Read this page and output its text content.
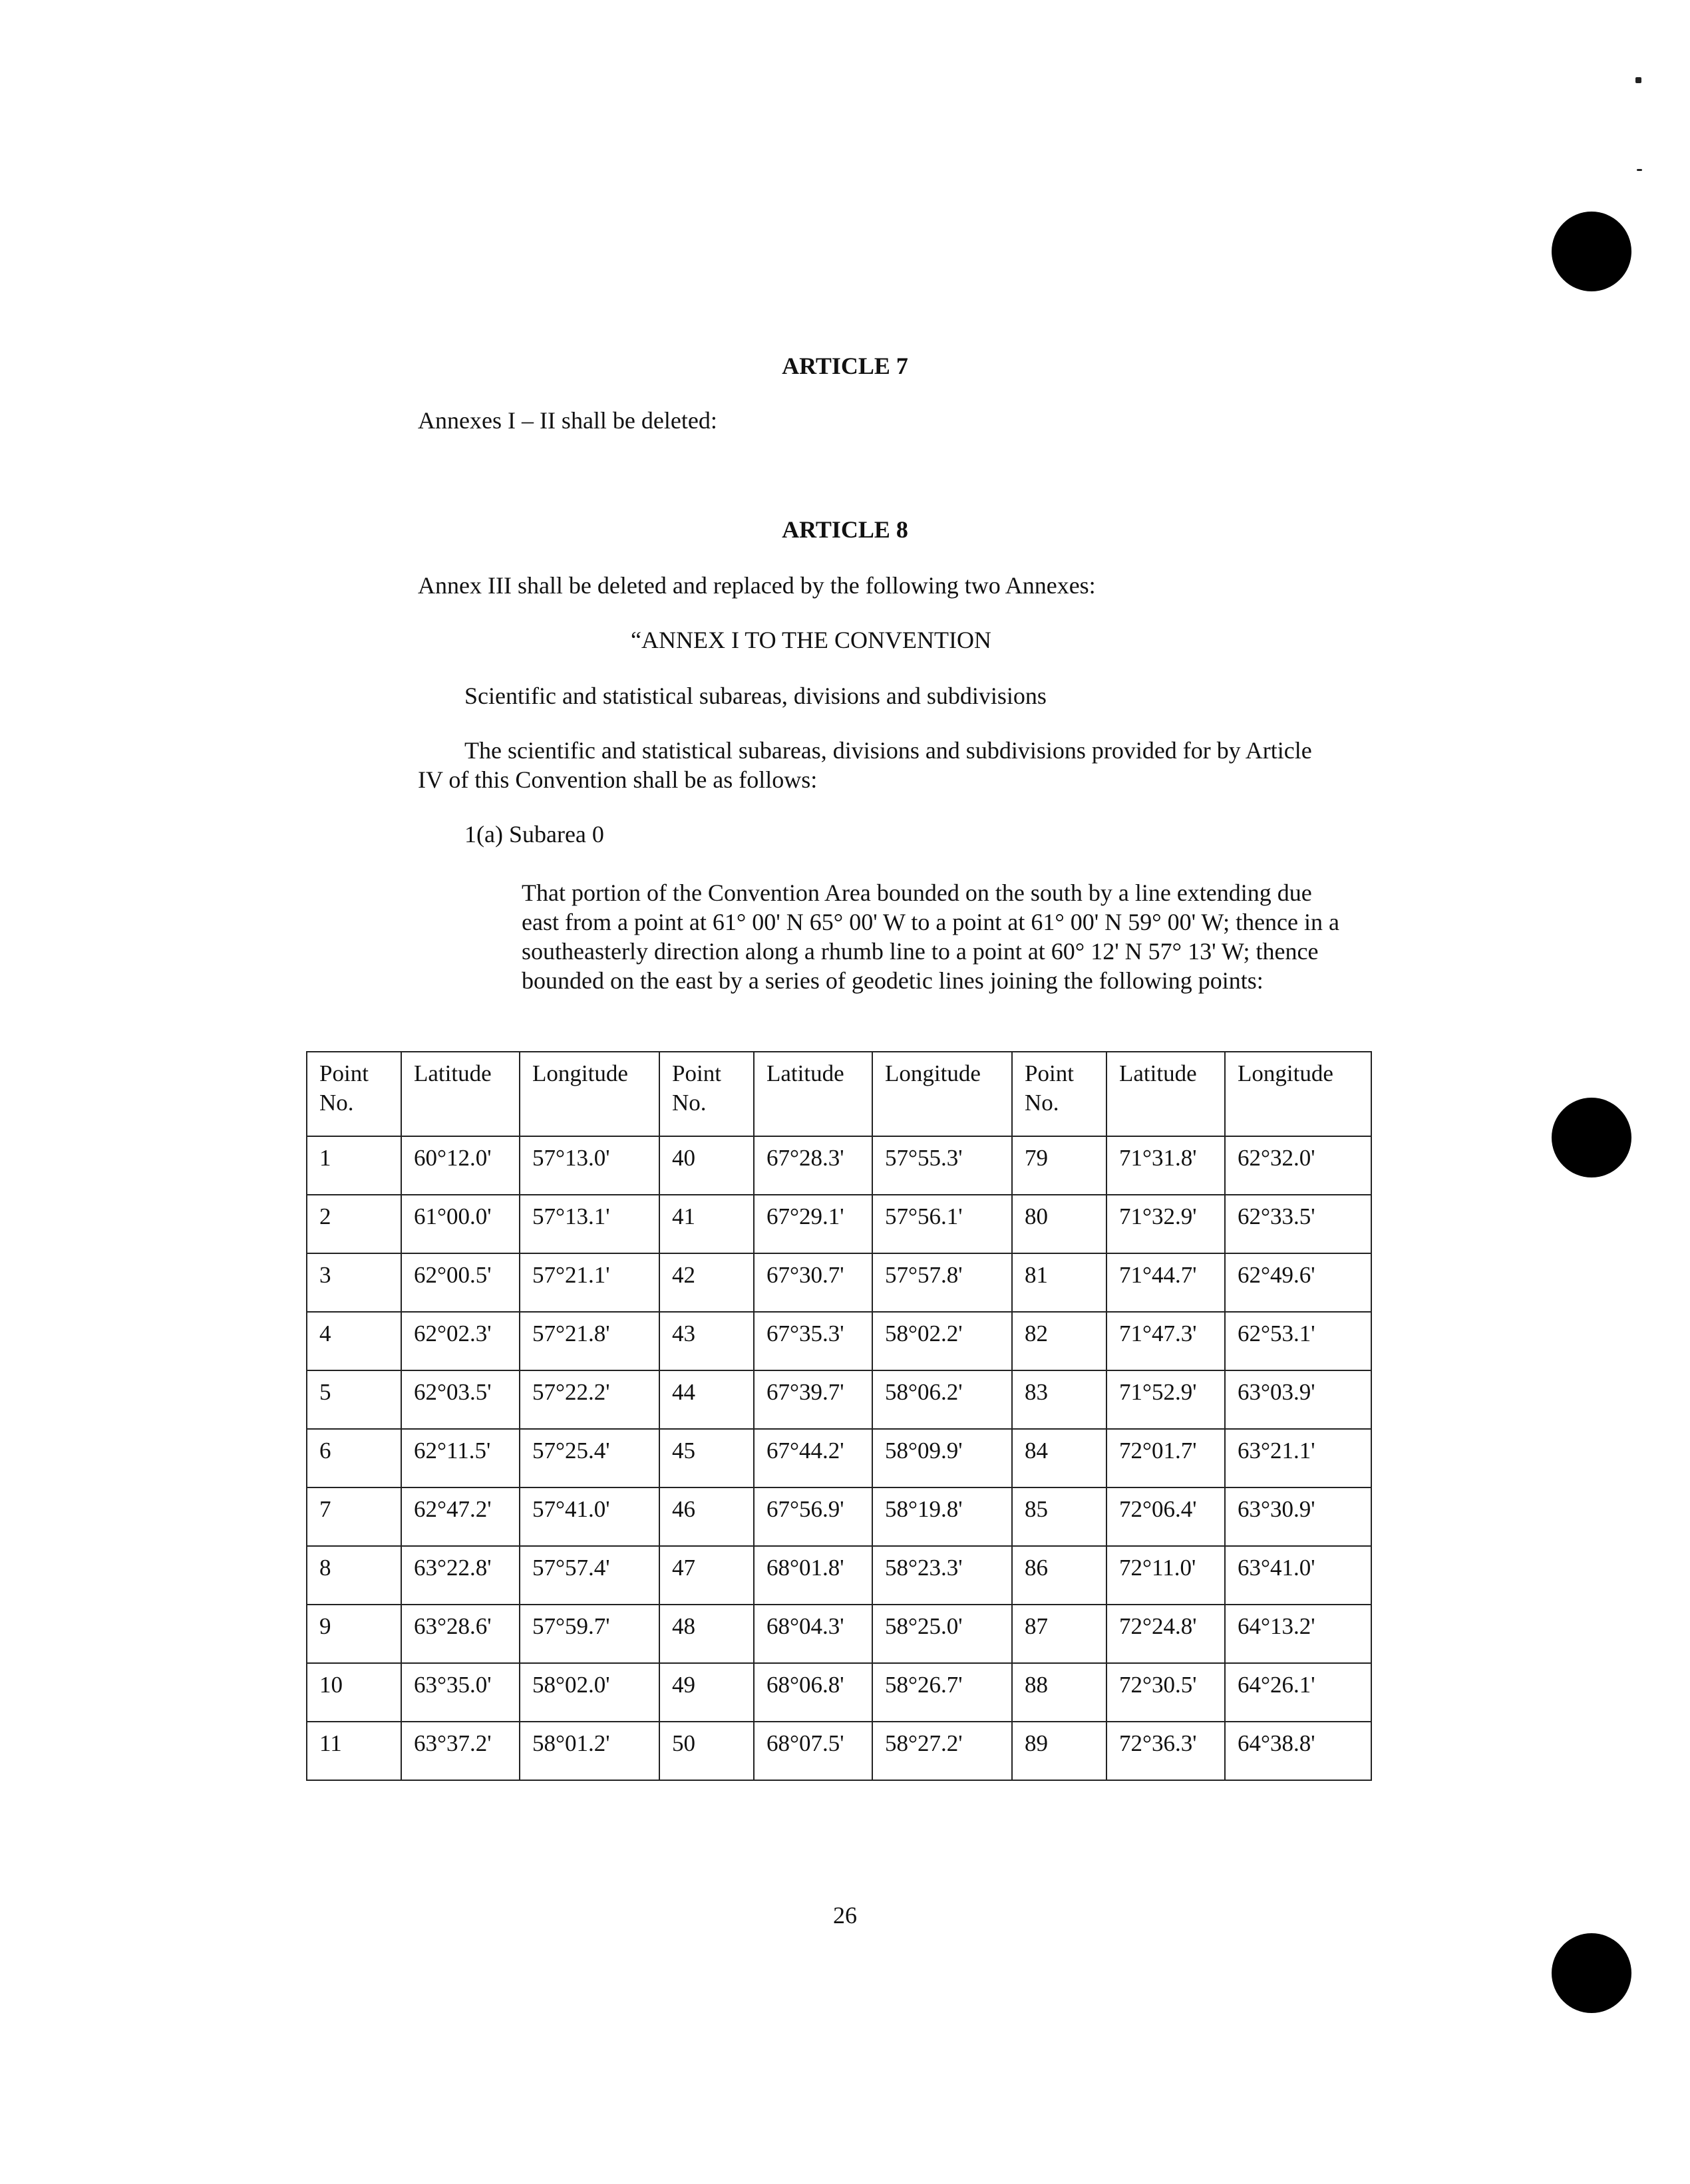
ARTICLE 7
Annexes I – II shall be deleted:
ARTICLE 8
Annex III shall be deleted and replaced by the following two Annexes:
“ANNEX I TO THE CONVENTION
Scientific and statistical subareas, divisions and subdivisions
The scientific and statistical subareas, divisions and subdivisions provided for by Article IV of this Convention shall be as follows:
1(a) Subarea 0
That portion of the Convention Area bounded on the south by a line extending due east from a point at 61° 00' N 65° 00' W to a point at 61° 00' N 59° 00' W; thence in a southeasterly direction along a rhumb line to a point at 60° 12' N 57° 13' W; thence bounded on the east by a series of geodetic lines joining the following points:
Point No.	Latitude	Longitude	Point No.	Latitude	Longitude	Point No.	Latitude	Longitude
1	60°12.0'	57°13.0'	40	67°28.3'	57°55.3'	79	71°31.8'	62°32.0'
2	61°00.0'	57°13.1'	41	67°29.1'	57°56.1'	80	71°32.9'	62°33.5'
3	62°00.5'	57°21.1'	42	67°30.7'	57°57.8'	81	71°44.7'	62°49.6'
4	62°02.3'	57°21.8'	43	67°35.3'	58°02.2'	82	71°47.3'	62°53.1'
5	62°03.5'	57°22.2'	44	67°39.7'	58°06.2'	83	71°52.9'	63°03.9'
6	62°11.5'	57°25.4'	45	67°44.2'	58°09.9'	84	72°01.7'	63°21.1'
7	62°47.2'	57°41.0'	46	67°56.9'	58°19.8'	85	72°06.4'	63°30.9'
8	63°22.8'	57°57.4'	47	68°01.8'	58°23.3'	86	72°11.0'	63°41.0'
9	63°28.6'	57°59.7'	48	68°04.3'	58°25.0'	87	72°24.8'	64°13.2'
10	63°35.0'	58°02.0'	49	68°06.8'	58°26.7'	88	72°30.5'	64°26.1'
11	63°37.2'	58°01.2'	50	68°07.5'	58°27.2'	89	72°36.3'	64°38.8'
26
